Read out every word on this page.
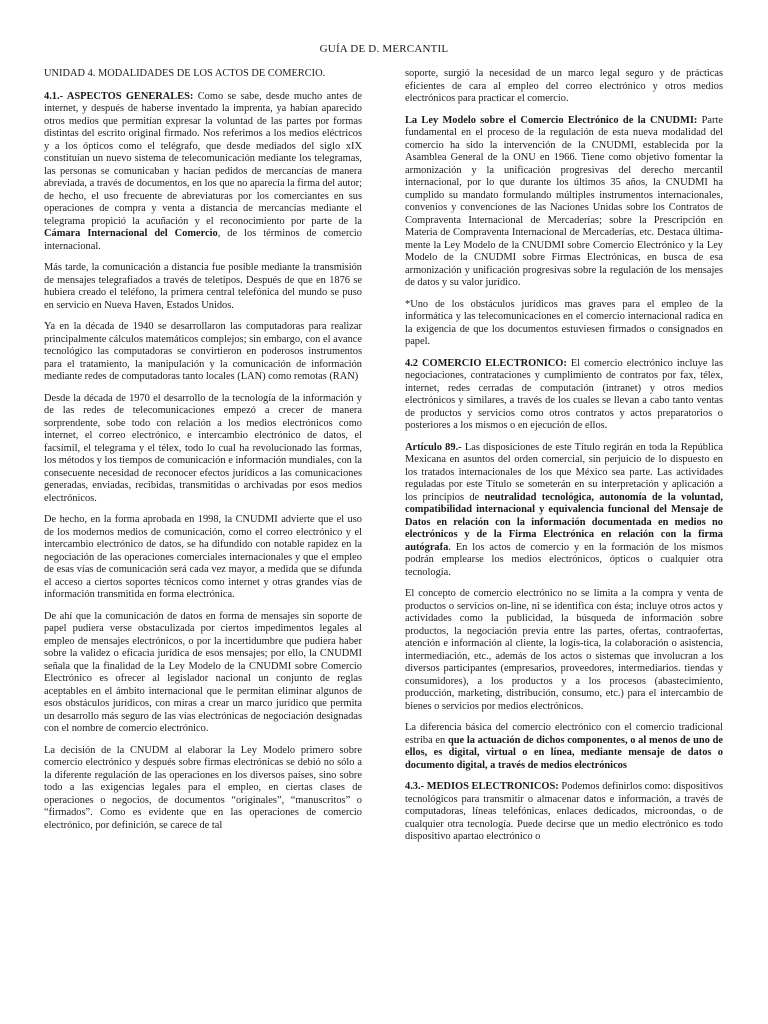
GUÍA DE D. MERCANTIL

UNIDAD 4. MODALIDADES DE LOS ACTOS DE COMERCIO.

4.1.- ASPECTOS GENERALES: Como se sabe, desde mucho antes de internet, y después de haberse inventado la imprenta, ya habían aparecido otros medios que permitían expresar la voluntad de las partes por formas distintas del escrito original firmado. Nos referimos a los medios eléctricos y a los ópticos como el telégrafo, que desde mediados del siglo xIX constituían un nuevo sistema de telecomunicación mediante los telegramas, las personas se comunicaban y hacían pedidos de mercancías de manera abreviada, a través de documentos, en los que no aparecía la firma del autor; de hecho, el uso frecuente de abreviaturas por los comerciantes en sus operaciones de compra y venta a distancia de mercancías mediante el telegrama propició la acuñación y el reconocimiento por parte de la Cámara Internacional del Comercio, de los términos de comercio internacional.

Más tarde, la comunicación a distancia fue posible mediante la transmisión de mensajes telegrafiados a través de teletipos. Después de que en 1876 se hubiera creado el teléfono, la primera central telefónica del mundo se puso en servicio en Nueva Haven, Estados Unidos.

Ya en la década de 1940 se desarrollaron las computadoras para realizar principalmente cálculos matemáticos complejos; sin embargo, con el avance tecnológico las computadoras se convirtieron en poderosos instrumentos para el tratamiento, la manipulación y la comunicación de información mediante redes de computadoras tanto locales (LAN) como remotas (RAN)

Desde la década de 1970 el desarrollo de la tecnología de la información y de las redes de telecomunicaciones empezó a crecer de manera sorprendente, sobe todo con relación a los medios electrónicos como internet, el correo electrónico, e intercambio electrónico de datos, el facsímil, el telegrama y el télex, todo lo cual ha revolucionado las formas, los métodos y los tiempos de comunicación e información mundiales, con la consecuente necesidad de reconocer efectos jurídicos a las comunicaciones generadas, enviadas, recibidas, transmitidas o archivadas por esos medios electrónicos.

De hecho, en la forma aprobada en 1998, la CNUDMI advierte que el uso de los modernos medios de comunicación, como el correo electrónico y el intercambio electrónico de datos, se ha difundido con notable rapidez en la negociación de las operaciones comerciales internacionales y que el empleo de esas vías de comunicación será cada vez mayor, a medida que se difunda el acceso a ciertos soportes técnicos como internet y otras grandes vías de información transmitida en forma electrónica.

De ahí que la comunicación de datos en forma de mensajes sin soporte de papel pudiera verse obstaculizada por ciertos impedimentos legales al empleo de mensajes electrónicos, o por la incertidumbre que pudiera haber sobre la validez o eficacia jurídica de esos mensajes; por ello, la CNUDMI señala que la finalidad de la Ley Modelo de la CNUDMI sobre Comercio Electrónico es ofrecer al legislador nacional un conjunto de reglas aceptables en el ámbito internacional que le permitan eliminar algunos de esos obstáculos jurídicos, con miras a crear un marco jurídico que permita un desarrollo más seguro de las vías electrónicas de negociación designadas con el nombre de comercio electrónico.

La decisión de la CNUDM al elaborar la Ley Modelo primero sobre comercio electrónico y después sobre firmas electrónicas se debió no sólo a la diferente regulación de las operaciones en los diversos países, sino sobre todo a las exigencias legales para el empleo, en ciertas clases de operaciones o negocios, de documentos “originales”, “manuscritos” o “firmados”. Como es evidente que en las operaciones de comercio electrónico, por definición, se carece de tal

soporte, surgió la necesidad de un marco legal seguro y de prácticas eficientes de cara al empleo del correo electrónico y otros medios electrónicos para practicar el comercio.

La Ley Modelo sobre el Comercio Electrónico de la CNUDMI: Parte fundamental en el proceso de la regulación de esta nueva modalidad del comercio ha sido la intervención de la CNUDMI, establecida por la Asamblea General de la ONU en 1966. Tiene como objetivo fomentar la armonización y la unificación progresivas del derecho mercantil internacional, por lo que durante los últimos 35 años, la CNUDMI ha cumplido su mandato formulando múltiples instrumentos internacionales, convenios y convenciones de las Naciones Unidas sobre los Contratos de Compraventa Internacional de Mercaderías; sobre la Prescripción en Materia de Compraventa Internacional de Mercaderías, etc. Destaca última-mente la Ley Modelo de la CNUDMI sobre Comercio Electrónico y la Ley Modelo de la CNUDMI sobre Firmas Electrónicas, en busca de esa armonización y unificación progresivas sobre la regulación de los mensajes de datos y su valor jurídico.

*Uno de los obstáculos jurídicos mas graves para el empleo de la informática y las telecomunicaciones en el comercio internacional radica en la exigencia de que los documentos estuviesen firmados o consignados en papel.

4.2 COMERCIO ELECTRONICO: El comercio electrónico incluye las negociaciones, contrataciones y cumplimiento de contratos por fax, télex, internet, redes cerradas de computación (intranet) y otros medios electrónicos y similares, a través de los cuales se llevan a cabo tanto ventas de productos y servicios como otros contratos y actos preparatorios o posteriores a los mismos o en ejecución de ellos.

Artículo 89.- Las disposiciones de este Título regirán en toda la República Mexicana en asuntos del orden comercial, sin perjuicio de lo dispuesto en los tratados internacionales de los que México sea parte. Las actividades reguladas por este Título se someterán en su interpretación y aplicación a los principios de neutralidad tecnológica, autonomía de la voluntad, compatibilidad internacional y equivalencia funcional del Mensaje de Datos en relación con la información documentada en medios no electrónicos y de la Firma Electrónica en relación con la firma autógrafa. En los actos de comercio y en la formación de los mismos podrán emplearse los medios electrónicos, ópticos o cualquier otra tecnología.

El concepto de comercio electrónico no se limita a la compra y venta de productos o servicios on-line, ni se identifica con ésta; incluye otros actos y actividades como la publicidad, la búsqueda de información sobre productos, la negociación previa entre las partes, ofertas, contraofertas, atención e información al cliente, la logís-tica, la colaboración o asistencia, intermediación, etc., además de los actos o sistemas que involucran a los diversos participantes (empresarios, proveedores, intermediarios. tiendas y consumidores), a los productos y a los procesos (abastecimiento, producción, marketing, distribución, consumo, etc.) para el intercambio de bienes o servicios por medios electrónicos.

La diferencia básica del comercio electrónico con el comercio tradicional estriba en que la actuación de dichos componentes, o al menos de uno de ellos, es digital, virtual o en línea, mediante mensaje de datos o documento digital, a través de medios electrónicos

4.3.- MEDIOS ELECTRONICOS: Podemos definirlos como: dispositivos tecnológicos para transmitir o almacenar datos e información, a través de computadoras, líneas telefónicas, enlaces dedicados, microondas, o de cualquier otra tecnología. Puede decirse que un medio electrónico es todo dispositivo apartao electrónico o
